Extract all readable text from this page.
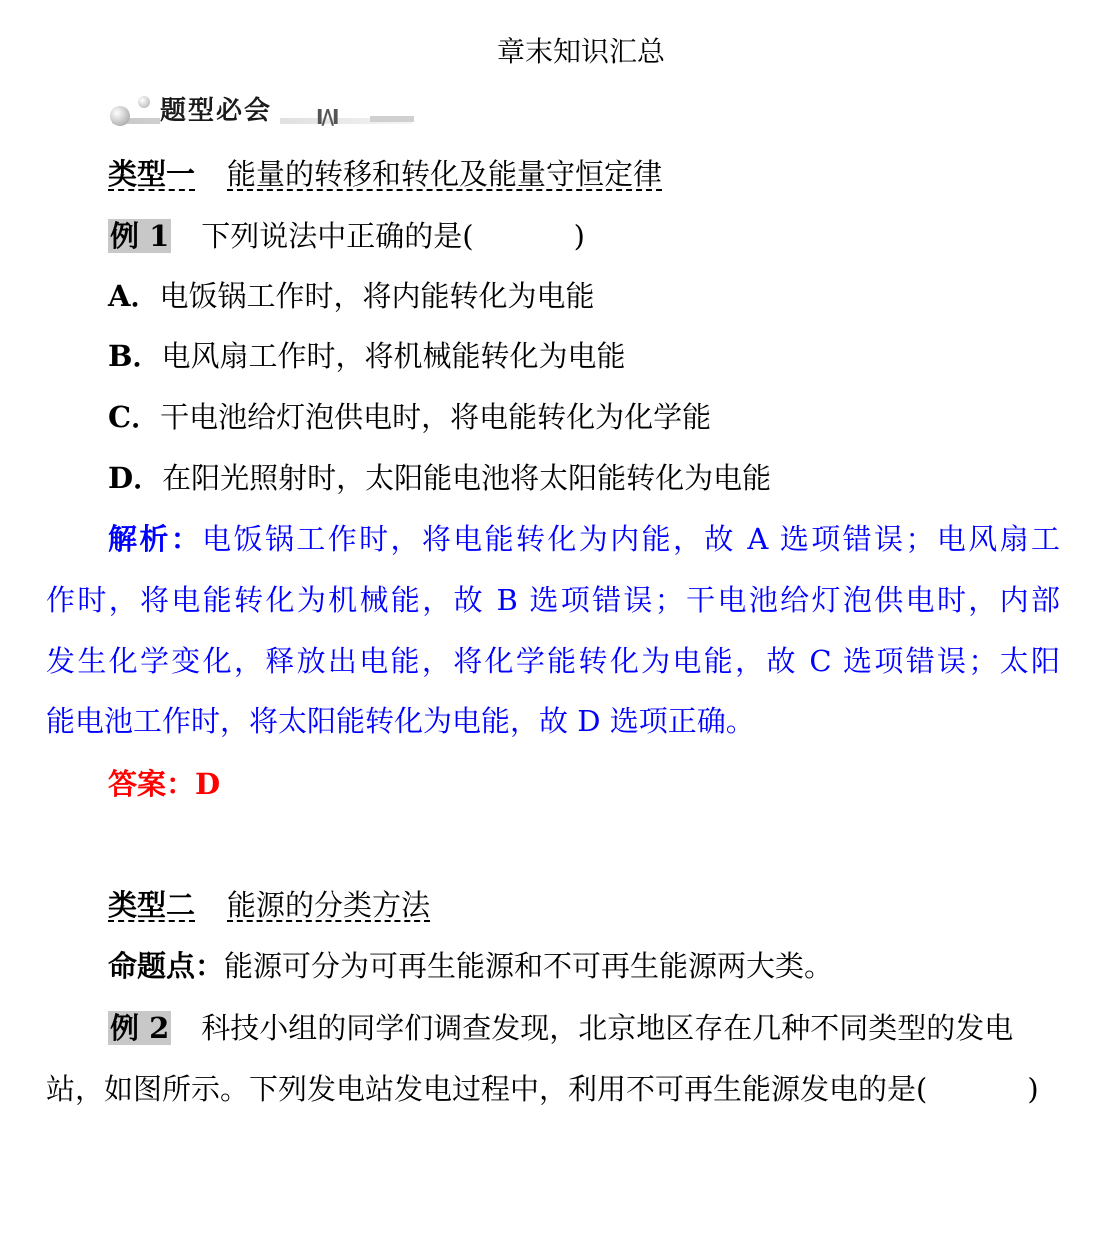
章末知识汇总
题型必会	I/\I
类型一 能量的转移和转化及能量守恒定律
例 1 下列说法中正确的是(	)
A．电饭锅工作时，将内能转化为电能
B．电风扇工作时，将机械能转化为电能
C．干电池给灯泡供电时，将电能转化为化学能
D．在阳光照射时，太阳能电池将太阳能转化为电能
解析：电饭锅工作时，将电能转化为内能，故 A 选项错误；电风扇工
作时，将电能转化为机械能，故 B 选项错误；干电池给灯泡供电时，内部
发生化学变化，释放出电能，将化学能转化为电能，故 C 选项错误；太阳
能电池工作时，将太阳能转化为电能，故 D 选项正确。
答案：D
类型二 能源的分类方法
命题点：能源可分为可再生能源和不可再生能源两大类。
例 2 科技小组的同学们调查发现，北京地区存在几种不同类型的发电
站，如图所示。下列发电站发电过程中，利用不可再生能源发电的是(	)
